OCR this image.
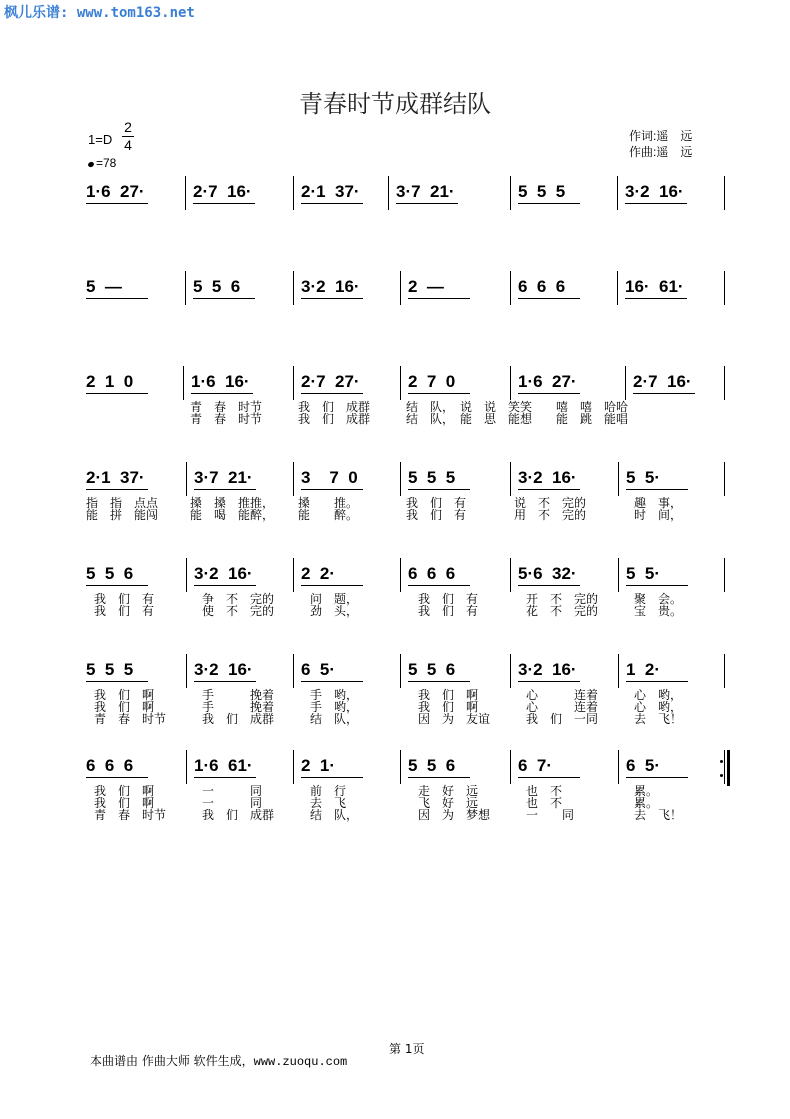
枫儿乐谱: www.tom163.net
青春时节成群结队
1=D
2
4
=78
作词:遥　远
作曲:遥　远
1·6  27·	2·7  16·	2·1  37· 3·7  21·	5  5  5	3·2  16·
5  —	5  5  6	3·2  16·	2  —	6  6  6	16·  61·
2  1  0	1·6  16·	2·7  27·	2  7  0	1·6  27·	2·7  16·
青　春　时节	我　们　成群	结　队，　说　说　笑笑　　嘻　嘻　哈哈
青　春　时节	我　们　成群	结　队，　能　思　能想　　能　跳　能唱
2·1  37·	3·7  21·	3    7  0	5  5  5	3·2  16·	5  5·
指　指　点点	搡　搡　推推， 搡　　推。	我　们　有	说　不　完的	趣　事，
能　拼　能闯	能　喝　能醉， 能　　醉。	我　们　有	用　不　完的	时　间，
5  5  6	3·2  16·	2  2·	6  6  6	5·6  32·	5  5·
我　们　有	争　不　完的	问　题，	我　们　有	开　不　完的	聚　会。
我　们　有	使　不　完的	劲　头，	我　们　有	花　不　完的	宝　贵。
5  5  5	3·2  16·	6  5·	5  5  6	3·2  16·	1  2·
我　们　啊	手　　　挽着	手　哟，	我　们　啊	心　　　连着	心　哟，
我　们　啊	手　　　挽着	手　哟，	我　们　啊	心　　　连着	心　哟，
青　春　时节	我　们　成群	结　队，	因　为　友谊	我　们　一同	去　飞！
6  6  6	1·6  61·	2  1·	5  5  6	6  7·	6  5·
我　们　啊	一　　　同	前　行	走　好　远	也　不	累。
我　们　啊	一　　　同	去　飞	飞　好　远	也　不	累。
青　春　时节	我　们　成群	结　队，	因　为　梦想	一　　同	去　飞！
第 1页
本曲谱由 作曲大师 软件生成，www.zuoqu.com
